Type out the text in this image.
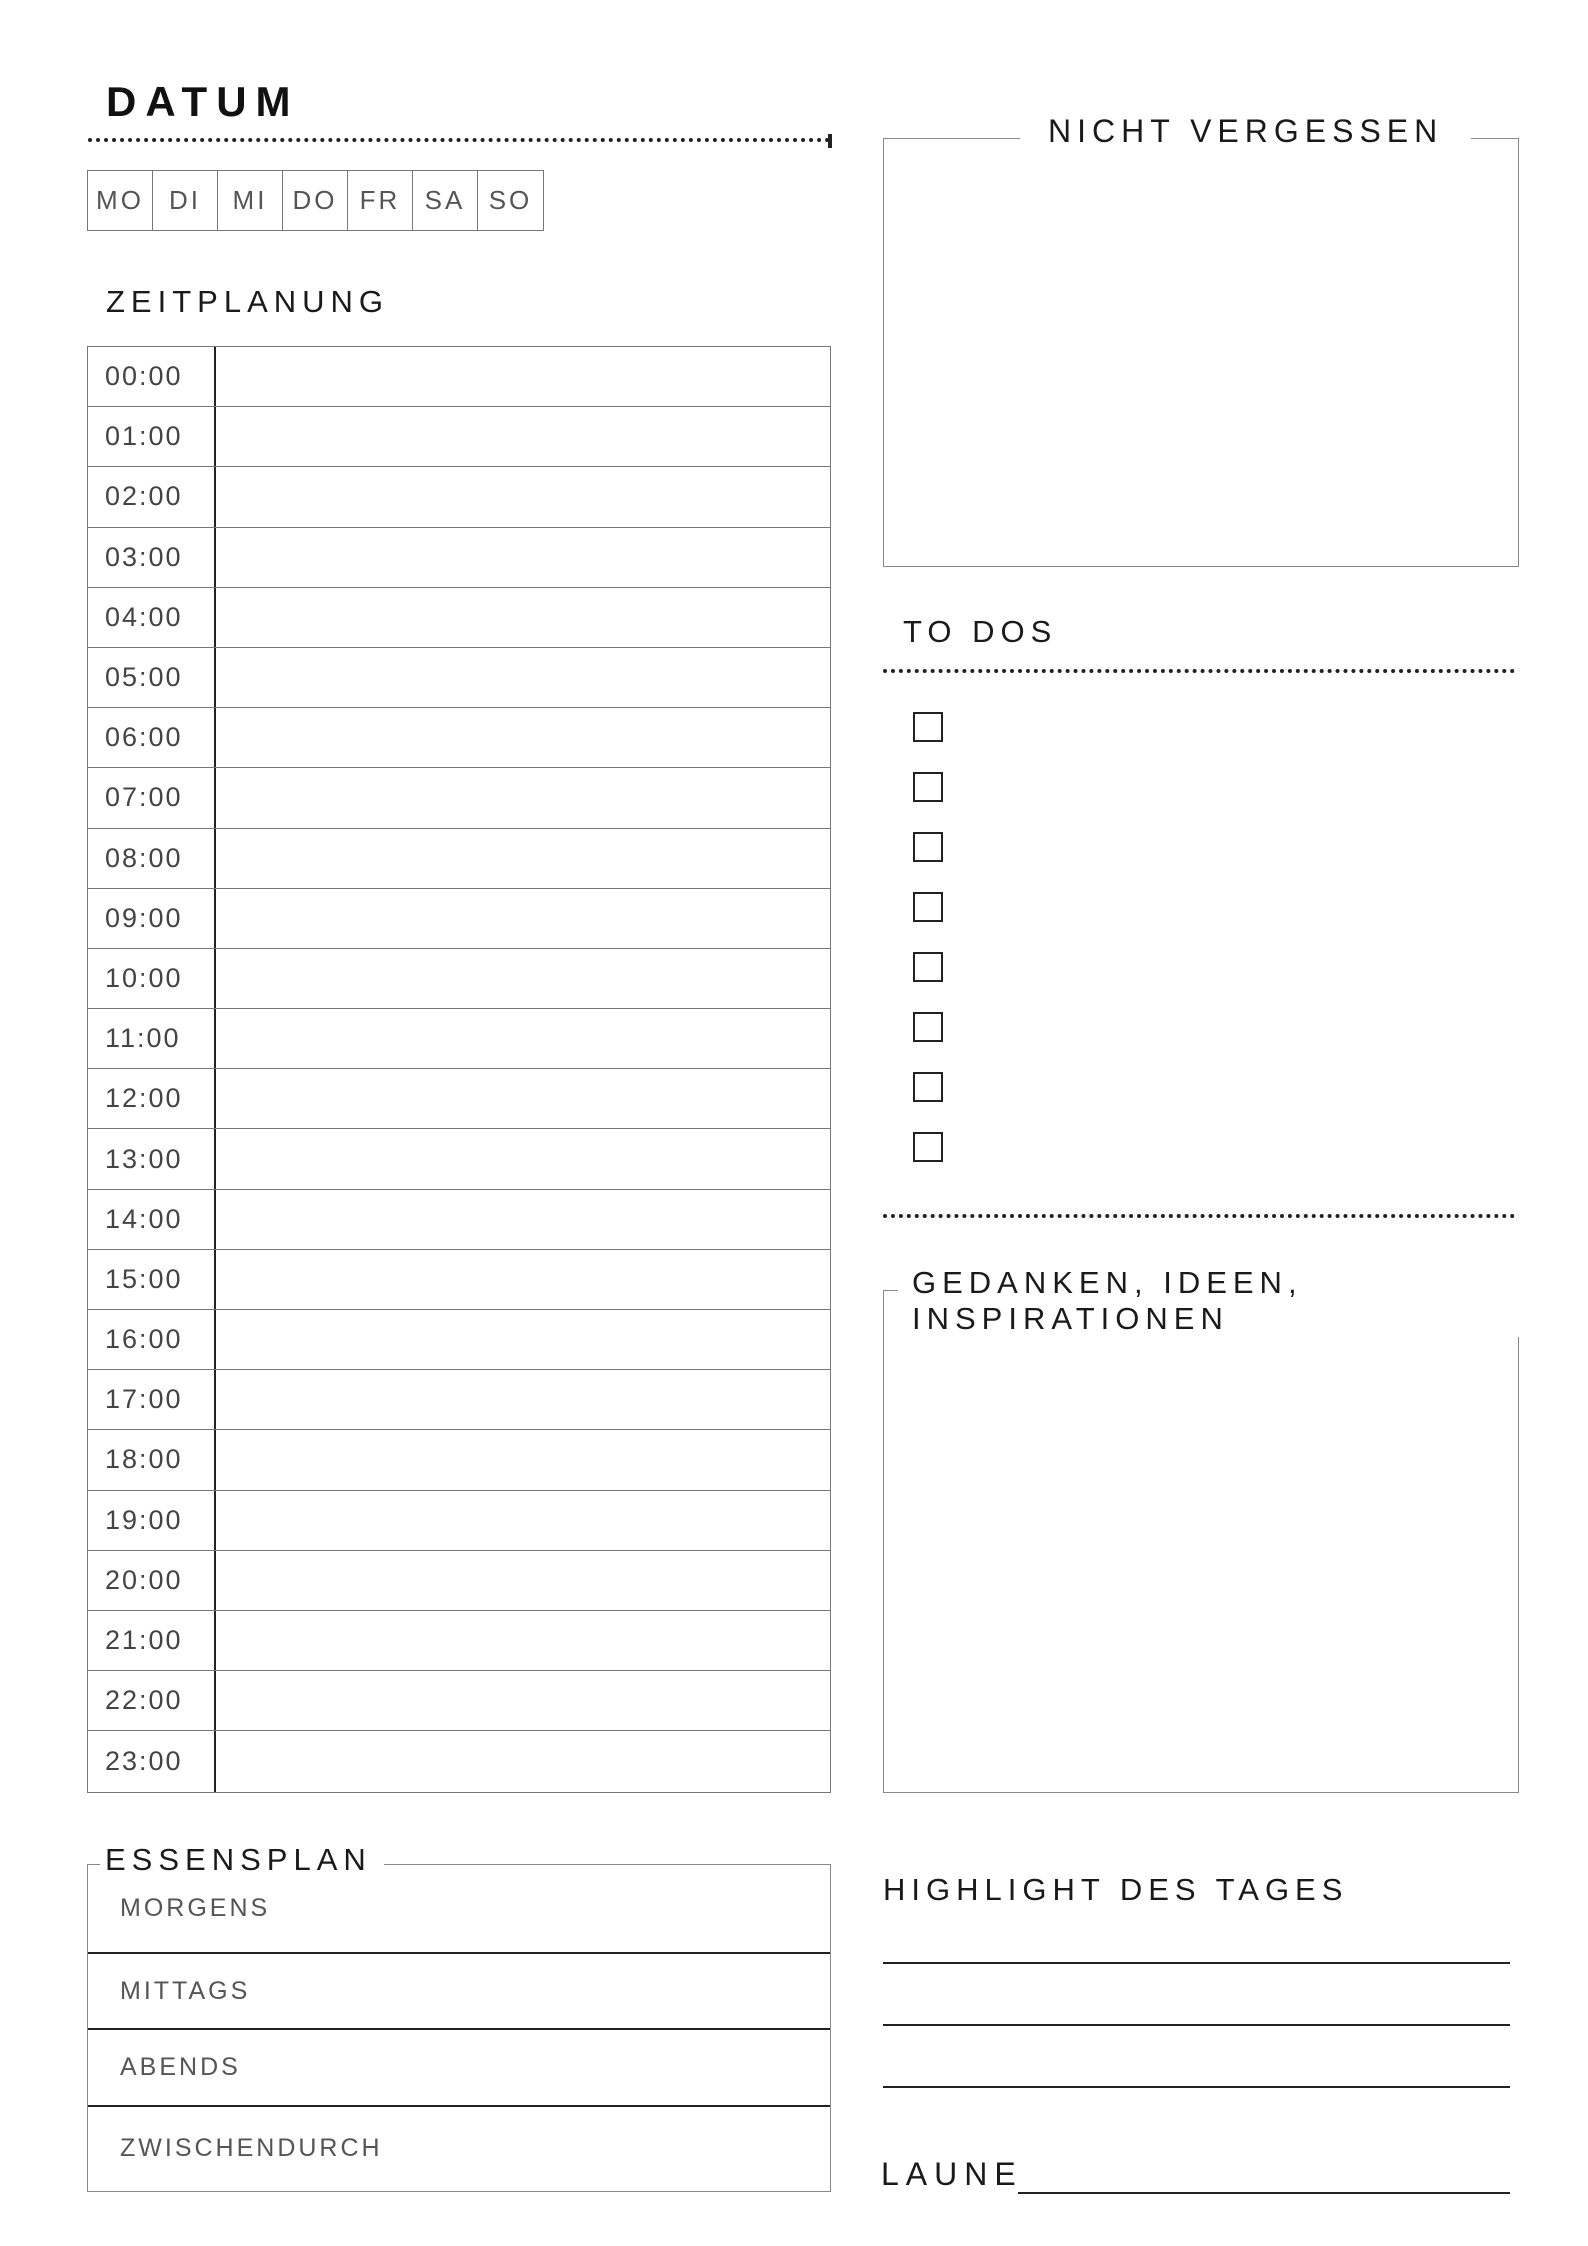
DATUM
MO DI	MI DO FR SA SO
ZEITPLANUNG
00:00
01:00
02:00
03:00
04:00
05:00
06:00
07:00
08:00
09:00
10:00
11:00
12:00
13:00
14:00
15:00
16:00
17:00
18:00
19:00
20:00
21:00
22:00
23:00
MORGENS
MITTAGS
ABENDS
ZWISCHENDURCH
ESSENSPLAN
NICHT VERGESSEN
TO DOS
GEDANKEN, IDEEN, INSPIRATIONEN
HIGHLIGHT DES TAGES
LAUNE
